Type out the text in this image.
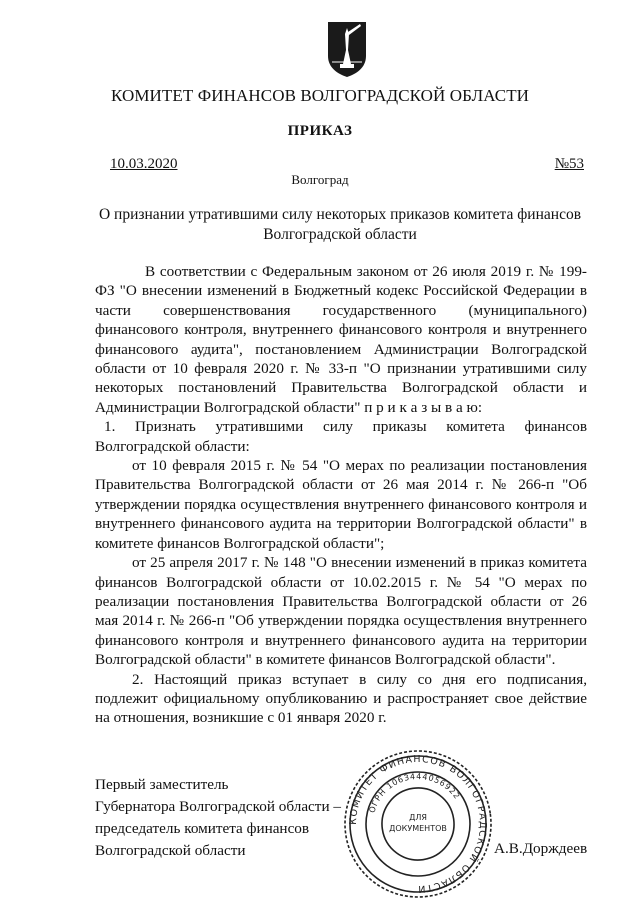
КОМИТЕТ ФИНАНСОВ ВОЛГОГРАДСКОЙ ОБЛАСТИ
ПРИКАЗ
10.03.2020	№53
Волгоград
О признании утратившими силу некоторых приказов комитета финансов Волгоградской области

В соответствии с Федеральным законом от 26 июля 2019 г. № 199-ФЗ "О внесении изменений в Бюджетный кодекс Российской Федерации в части совершенствования государственного (муниципального) финансового контроля, внутреннего финансового контроля и внутреннего финансового аудита", постановлением Администрации Волгоградской области от 10 февраля 2020 г. № 33-п "О признании утратившими силу некоторых постановлений Правительства Волгоградской области и Администрации Волгоградской области" п р и к а з ы в а ю:

1. Признать утратившими силу приказы комитета финансов Волгоградской области:

от 10 февраля 2015 г. № 54 "О мерах по реализации постановления Правительства Волгоградской области от 26 мая 2014 г. № 266-п "Об утверждении порядка осуществления внутреннего финансового контроля и внутреннего финансового аудита на территории Волгоградской области" в комитете финансов Волгоградской области";

от 25 апреля 2017 г. № 148 "О внесении изменений в приказ комитета финансов Волгоградской области от 10.02.2015 г. № 54 "О мерах по реализации постановления Правительства Волгоградской области от 26 мая 2014 г. № 266-п "Об утверждении порядка осуществления внутреннего финансового контроля и внутреннего финансового аудита на территории Волгоградской области" в комитете финансов Волгоградской области".

2. Настоящий приказ вступает в силу со дня его подписания, подлежит официальному опубликованию и распространяет свое действие на отношения, возникшие с 01 января 2020 г.

Первый заместитель
Губернатора Волгоградской области –
председатель комитета финансов
Волгоградской области	А.В.Дорждеев
КОМИТЕТ ФИНАНСОВ ВОЛГОГРАДСКОЙ ОБЛАСТИ
ОГРН 1063444056922
ДЛЯ
ДОКУМЕНТОВ
